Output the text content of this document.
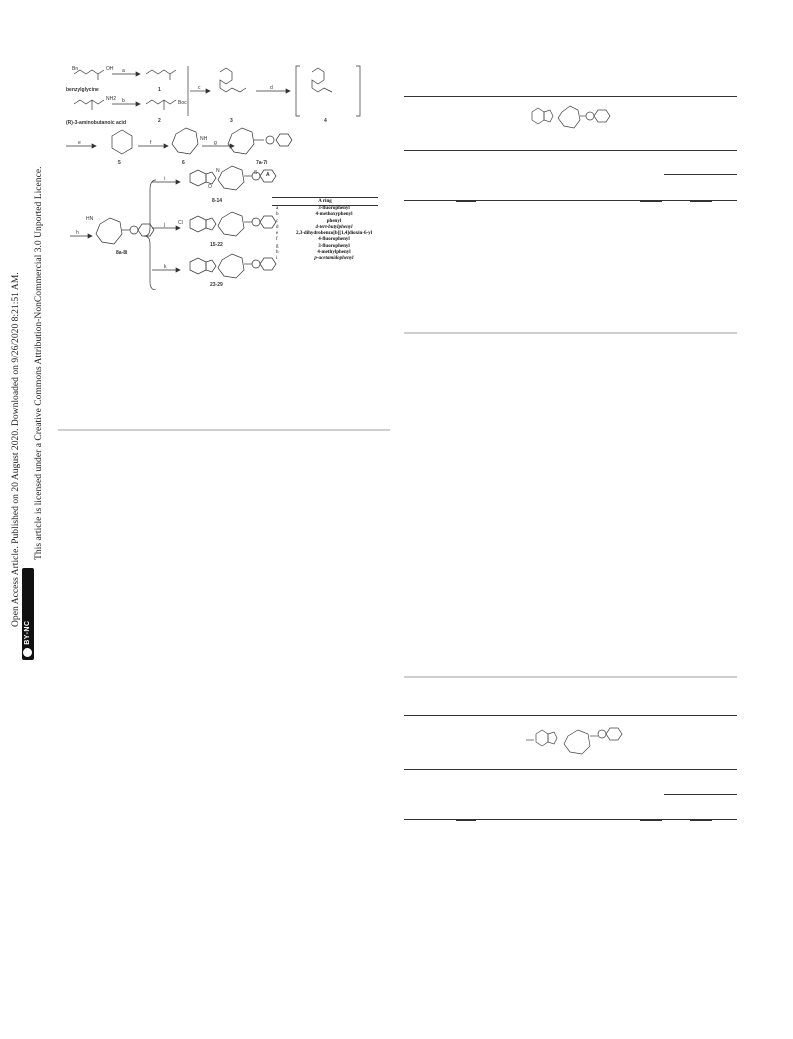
Open Access Article. Published on 20 August 2020. Downloaded on 9/26/2020 8:21:51 AM. This article is licensed under a Creative Commons Attribution-NonCommercial 3.0 Unported Licence.
cc BY-NC
benzylglycine
(R)-3-aminobutanoic acid
a
b
c	d
e	f	g
h
i
j
k
1
2	3	4
5	6	7a-7i
8a-8i
8-14
15-22
23-29
Bn	OH
NH2
Boc
HN
NH
Cl
O
N	S A
A ring
a	3-fluorophenyl
b	4-methoxyphenyl
c	phenyl
d	4-tert-butylphenyl
e	2,3-dihydrobenzo[b][1,4]dioxin-6-yl
f	4-fluorophenyl
g	3-fluorophenyl
h	4-methylphenyl
i	p-acetamidophenyl
